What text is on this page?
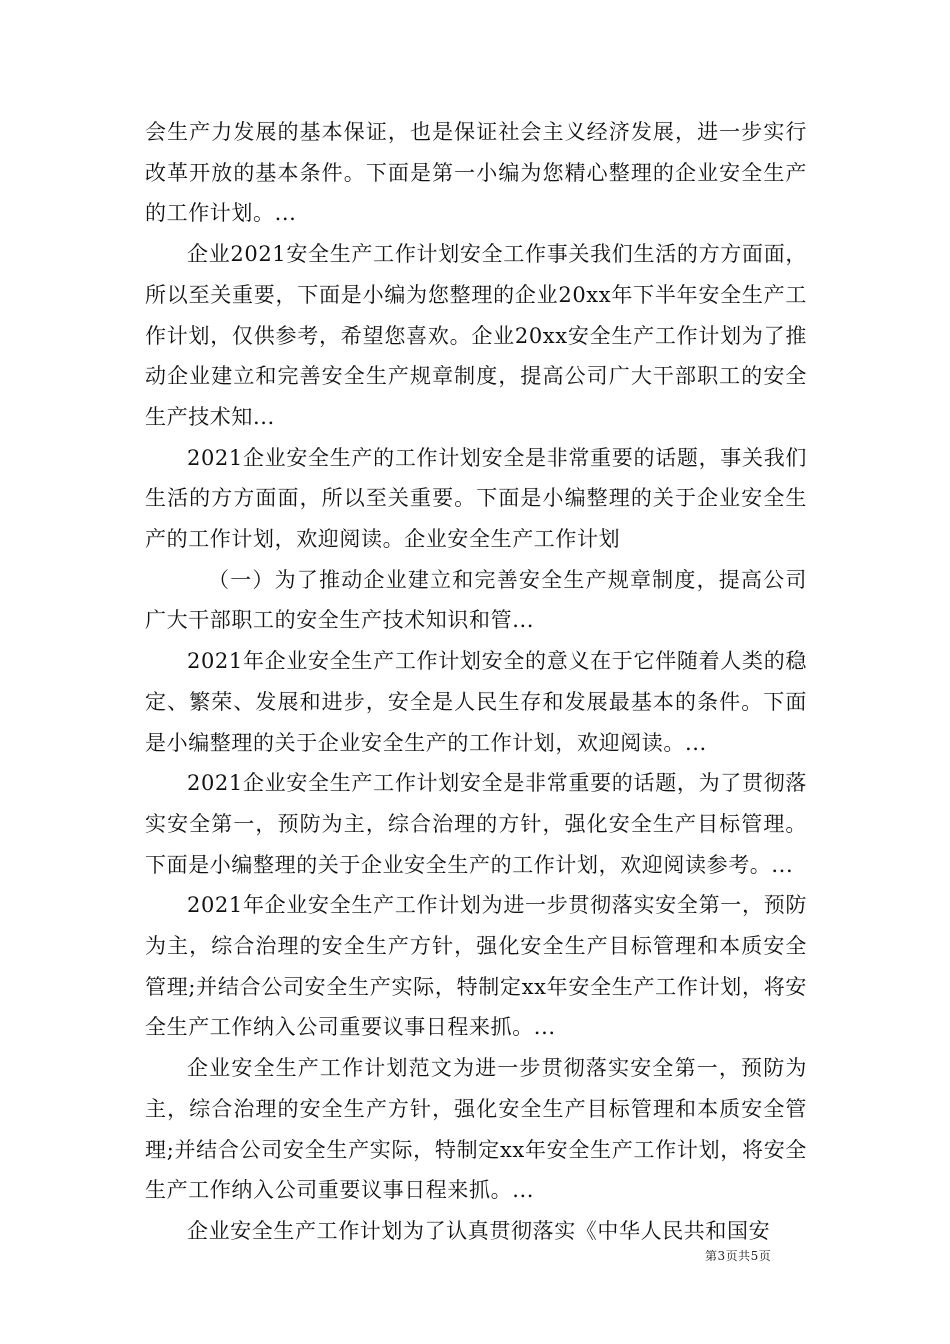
会生产力发展的基本保证，也是保证社会主义经济发展，进一步实行改革开放的基本条件。下面是第一小编为您精心整理的企业安全生产的工作计划。...

企业2021安全生产工作计划安全工作事关我们生活的方方面面，所以至关重要，下面是小编为您整理的企业20xx年下半年安全生产工作计划，仅供参考，希望您喜欢。企业20xx安全生产工作计划为了推动企业建立和完善安全生产规章制度，提高公司广大干部职工的安全生产技术知...

2021企业安全生产的工作计划安全是非常重要的话题，事关我们生活的方方面面，所以至关重要。下面是小编整理的关于企业安全生产的工作计划，欢迎阅读。企业安全生产工作计划

（一）为了推动企业建立和完善安全生产规章制度，提高公司广大干部职工的安全生产技术知识和管...

2021年企业安全生产工作计划安全的意义在于它伴随着人类的稳定、繁荣、发展和进步，安全是人民生存和发展最基本的条件。下面是小编整理的关于企业安全生产的工作计划，欢迎阅读。...

2021企业安全生产工作计划安全是非常重要的话题，为了贯彻落实安全第一，预防为主，综合治理的方针，强化安全生产目标管理。下面是小编整理的关于企业安全生产的工作计划，欢迎阅读参考。...

2021年企业安全生产工作计划为进一步贯彻落实安全第一，预防为主，综合治理的安全生产方针，强化安全生产目标管理和本质安全管理;并结合公司安全生产实际，特制定xx年安全生产工作计划，将安全生产工作纳入公司重要议事日程来抓。...

企业安全生产工作计划范文为进一步贯彻落实安全第一，预防为主，综合治理的安全生产方针，强化安全生产目标管理和本质安全管理;并结合公司安全生产实际，特制定xx年安全生产工作计划，将安全生产工作纳入公司重要议事日程来抓。...

企业安全生产工作计划为了认真贯彻落实《中华人民共和国安

第3页共5页
